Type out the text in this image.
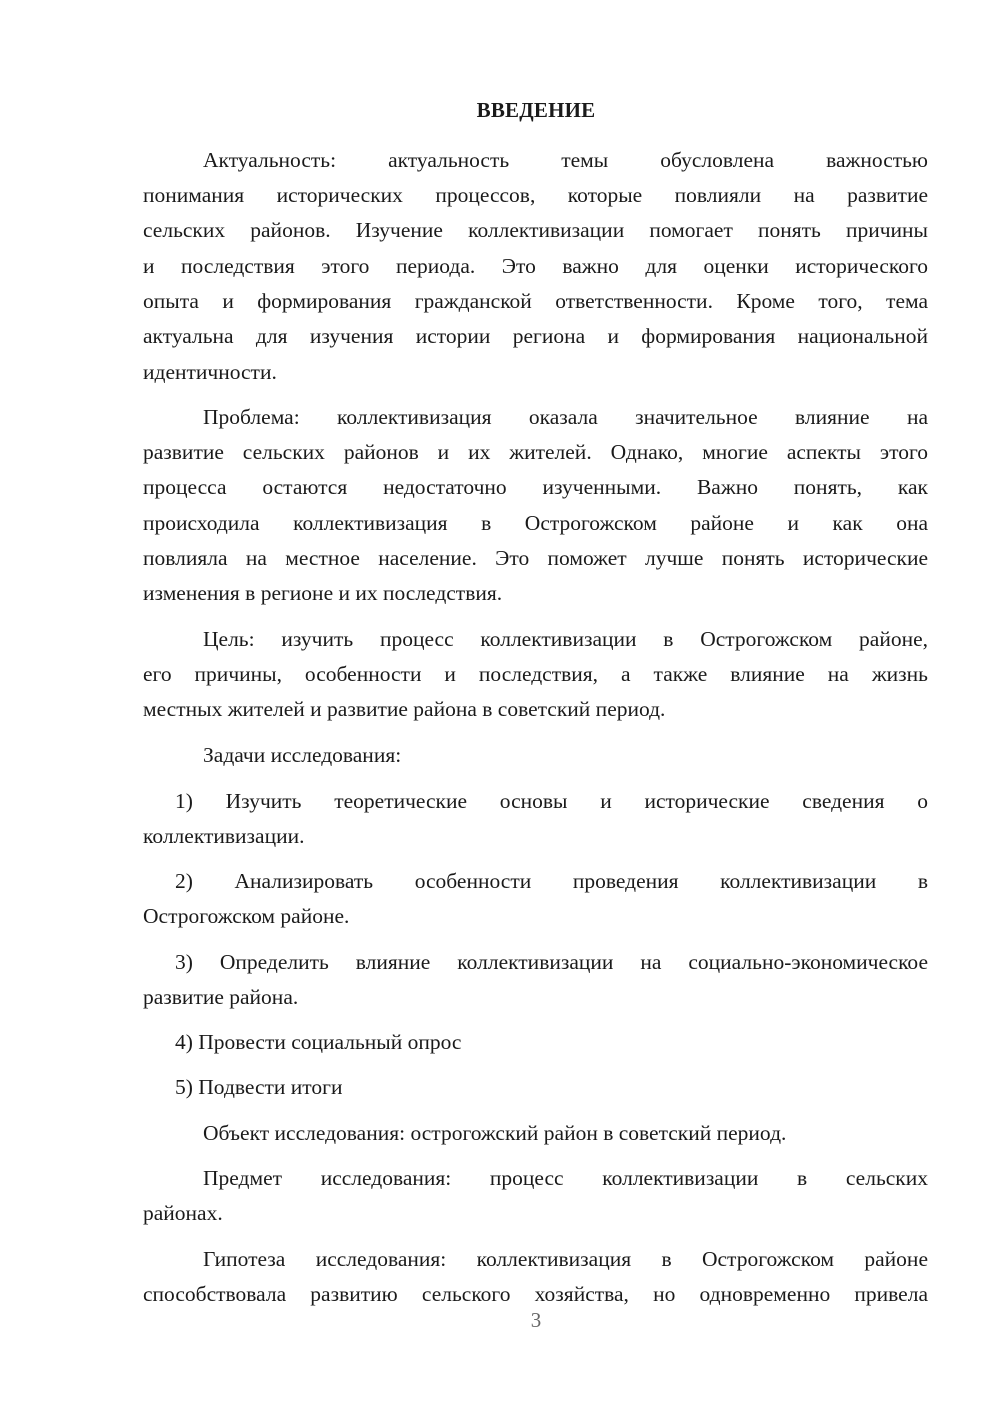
ВВЕДЕНИЕ
Актуальность: актуальность темы обусловлена важностью
понимания исторических процессов, которые повлияли на развитие
сельских районов. Изучение коллективизации помогает понять причины
и последствия этого периода. Это важно для оценки исторического
опыта и формирования гражданской ответственности. Кроме того, тема
актуальна для изучения истории региона и формирования национальной
идентичности.
Проблема: коллективизация оказала значительное влияние на
развитие сельских районов и их жителей. Однако, многие аспекты этого
процесса остаются недостаточно изученными. Важно понять, как
происходила коллективизация в Острогожском районе и как она
повлияла на местное население. Это поможет лучше понять исторические
изменения в регионе и их последствия.
Цель: изучить процесс коллективизации в Острогожском районе,
его причины, особенности и последствия, а также влияние на жизнь
местных жителей и развитие района в советский период.
Задачи исследования:
1) Изучить теоретические основы и исторические сведения о
коллективизации.
2) Анализировать особенности проведения коллективизации в
Острогожском районе.
3) Определить влияние коллективизации на социально-экономическое
развитие района.
4) Провести социальный опрос
5) Подвести итоги
Объект исследования: острогожский район в советский период.
Предмет исследования: процесс коллективизации в сельских
районах.
Гипотеза исследования: коллективизация в Острогожском районе
способствовала развитию сельского хозяйства, но одновременно привела
3
